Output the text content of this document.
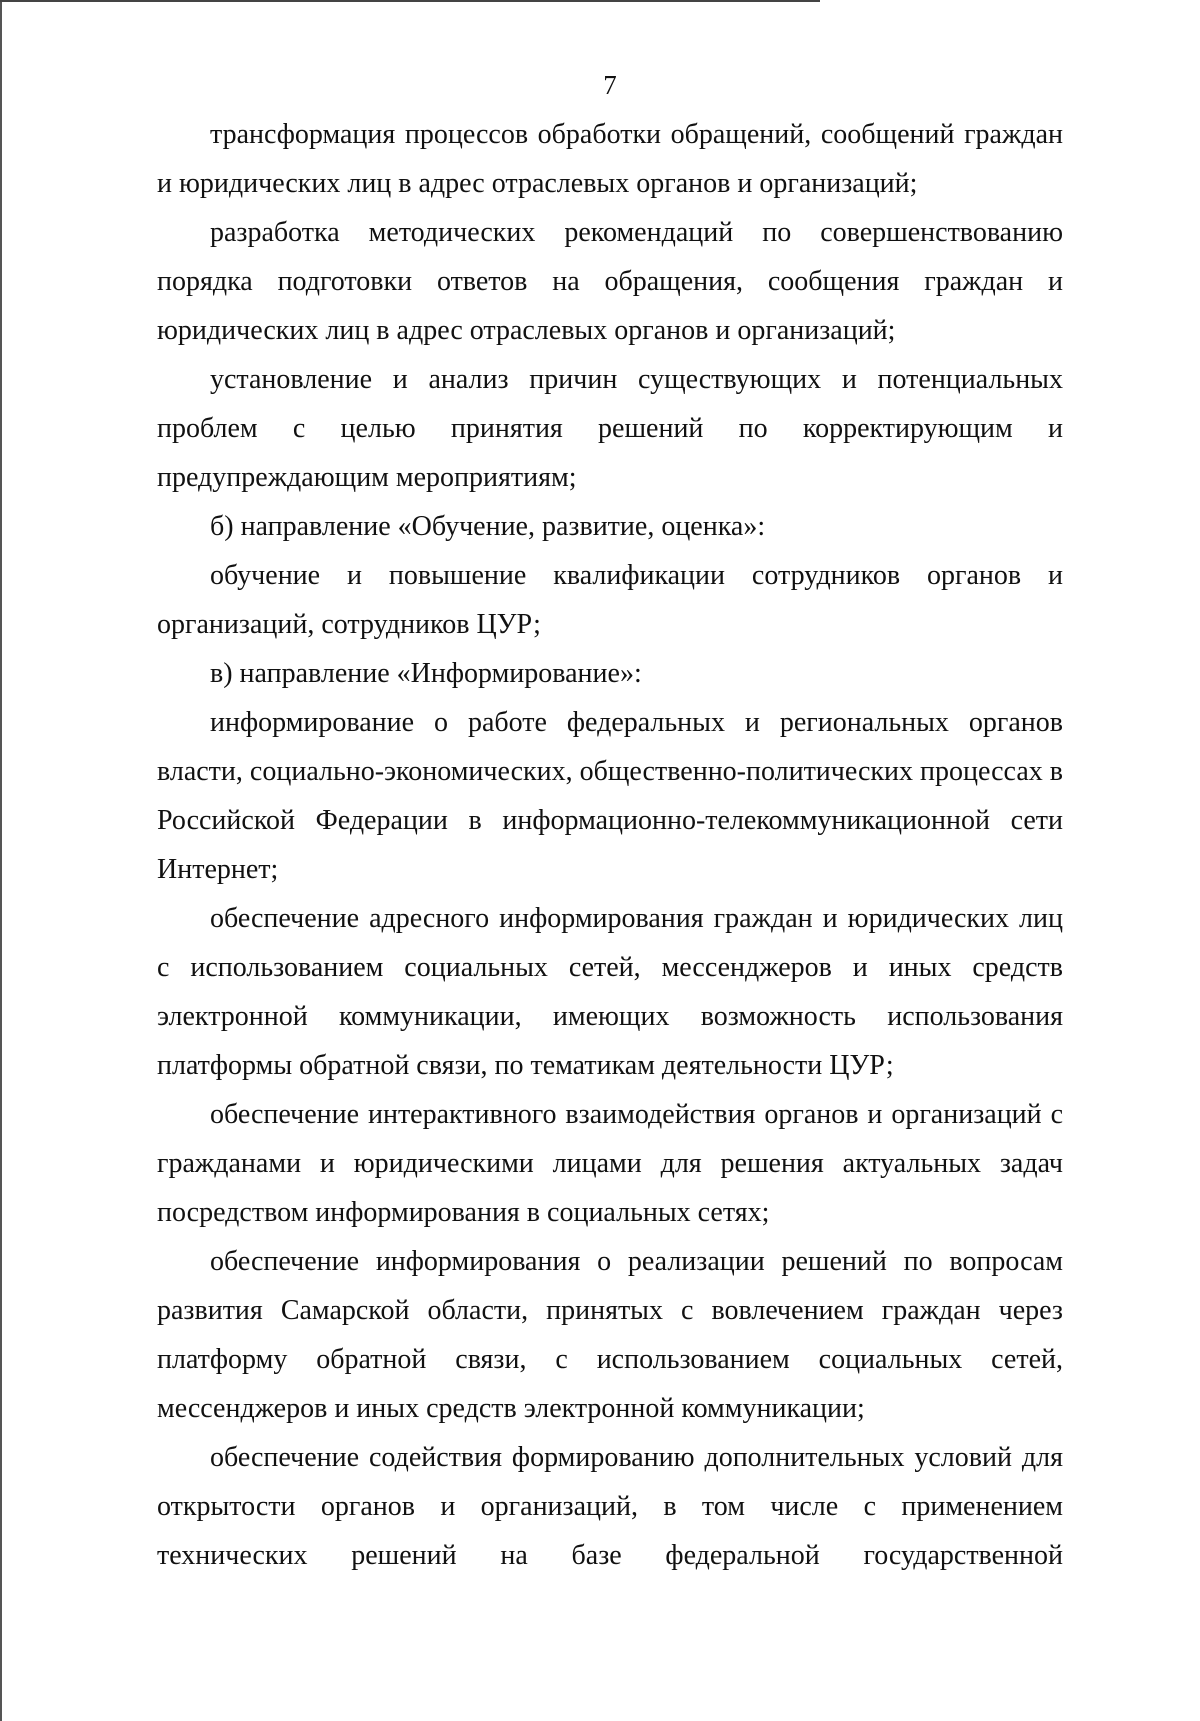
7

трансформация процессов обработки обращений, сообщений граждан и юридических лиц в адрес отраслевых органов и организаций;

разработка методических рекомендаций по совершенствованию порядка подготовки ответов на обращения, сообщения граждан и юридических лиц в адрес отраслевых органов и организаций;

установление и анализ причин существующих и потенциальных проблем с целью принятия решений по корректирующим и предупреждающим мероприятиям;

б) направление «Обучение, развитие, оценка»:

обучение и повышение квалификации сотрудников органов и организаций, сотрудников ЦУР;

в) направление «Информирование»:

информирование о работе федеральных и региональных органов власти, социально-экономических, общественно-политических процессах в Российской Федерации в информационно-телекоммуникационной сети Интернет;

обеспечение адресного информирования граждан и юридических лиц с использованием социальных сетей, мессенджеров и иных средств электронной коммуникации, имеющих возможность использования платформы обратной связи, по тематикам деятельности ЦУР;

обеспечение интерактивного взаимодействия органов и организаций с гражданами и юридическими лицами для решения актуальных задач посредством информирования в социальных сетях;

обеспечение информирования о реализации решений по вопросам развития Самарской области, принятых с вовлечением граждан через платформу обратной связи, с использованием социальных сетей, мессенджеров и иных средств электронной коммуникации;

обеспечение содействия формированию дополнительных условий для открытости органов и организаций, в том числе с применением технических решений на базе федеральной государственной
